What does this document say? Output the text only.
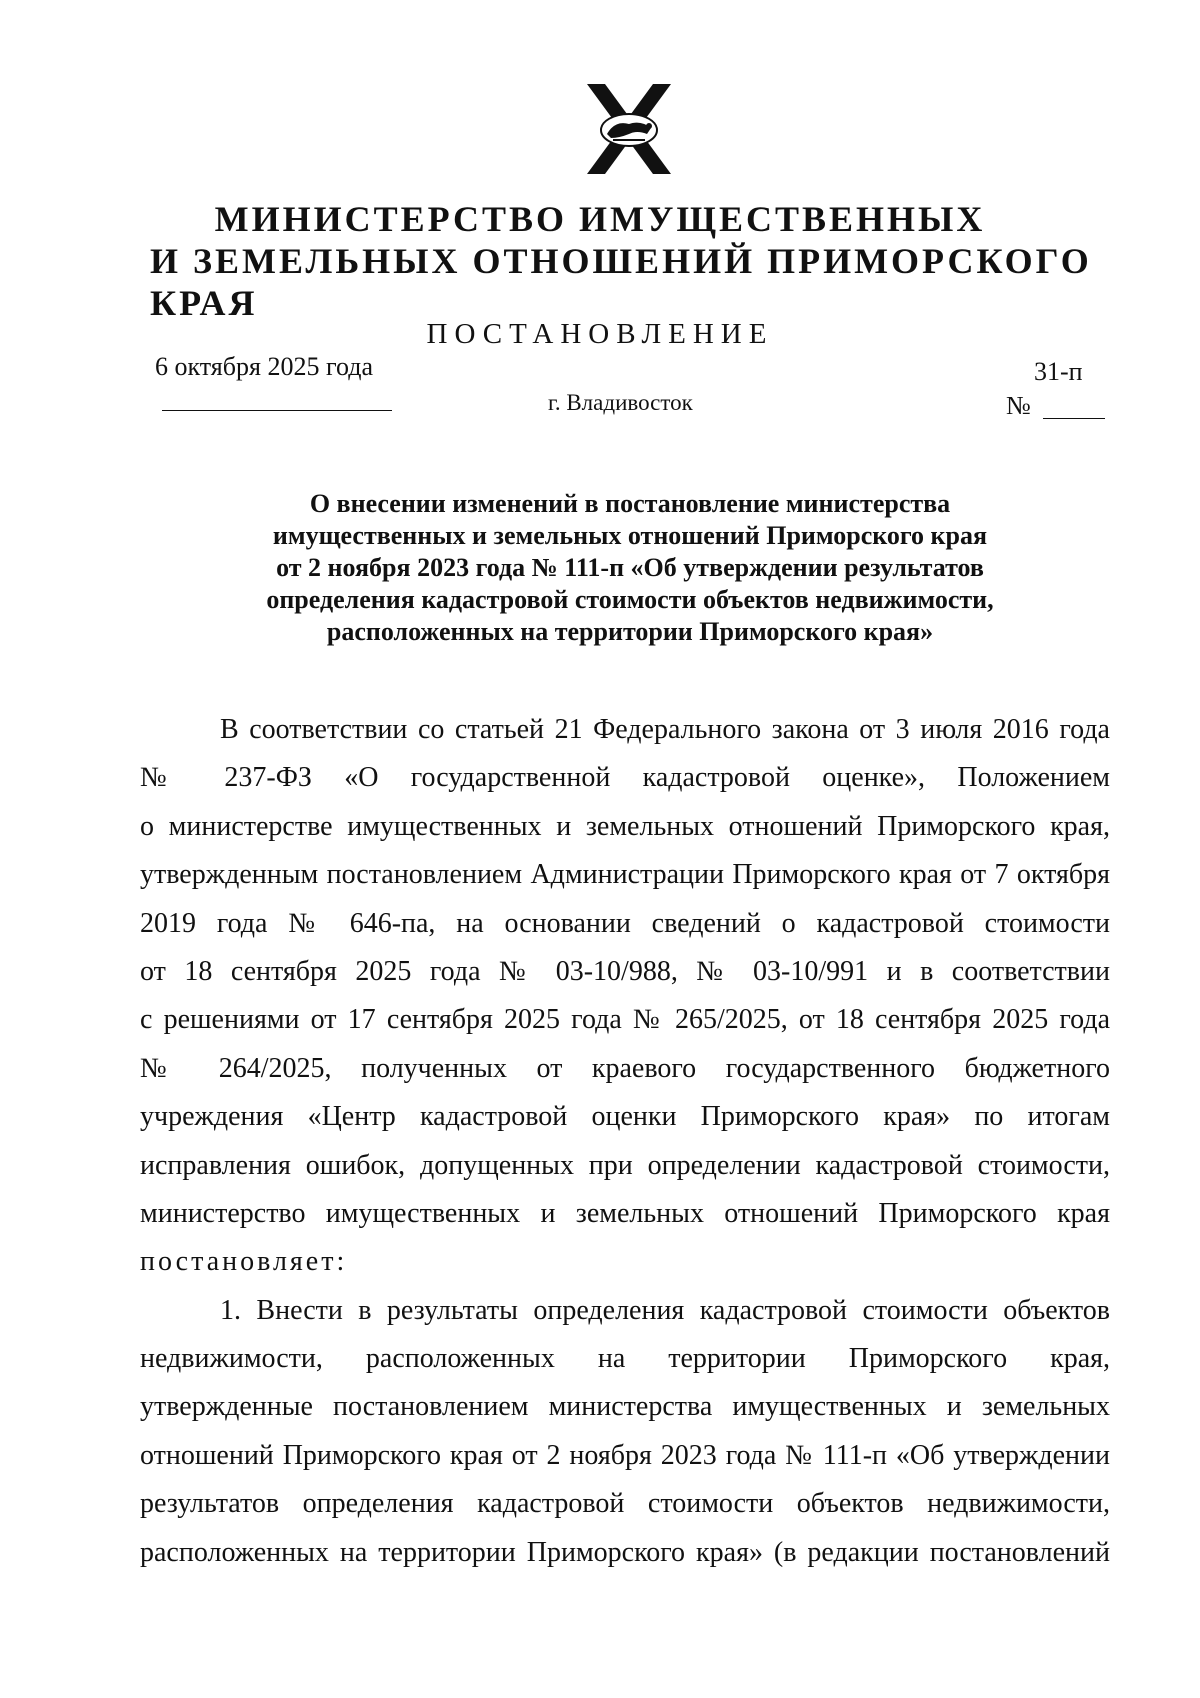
МИНИСТЕРСТВО ИМУЩЕСТВЕННЫХ
И ЗЕМЕЛЬНЫХ ОТНОШЕНИЙ ПРИМОРСКОГО КРАЯ
ПОСТАНОВЛЕНИЕ
6 октября 2025 года
г. Владивосток
31-п
№
О внесении изменений в постановление министерства
имущественных и земельных отношений Приморского края
от 2 ноября 2023 года № 111-п «Об утверждении результатов
определения кадастровой стоимости объектов недвижимости,
расположенных на территории Приморского края»
В соответствии со статьей 21 Федерального закона от 3 июля 2016 года
№ 237-ФЗ «О государственной кадастровой оценке», Положением
о министерстве имущественных и земельных отношений Приморского края,
утвержденным постановлением Администрации Приморского края от 7 октября
2019 года № 646-па, на основании сведений о кадастровой стоимости
от 18 сентября 2025 года № 03-10/988, № 03-10/991 и в соответствии
с решениями от 17 сентября 2025 года № 265/2025, от 18 сентября 2025 года
№ 264/2025, полученных от краевого государственного бюджетного
учреждения «Центр кадастровой оценки Приморского края» по итогам
исправления ошибок, допущенных при определении кадастровой стоимости,
министерство имущественных и земельных отношений Приморского края
постановляет:
1. Внести в результаты определения кадастровой стоимости объектов
недвижимости, расположенных на территории Приморского края,
утвержденные постановлением министерства имущественных и земельных
отношений Приморского края от 2 ноября 2023 года № 111-п «Об утверждении
результатов определения кадастровой стоимости объектов недвижимости,
расположенных на территории Приморского края» (в редакции постановлений
